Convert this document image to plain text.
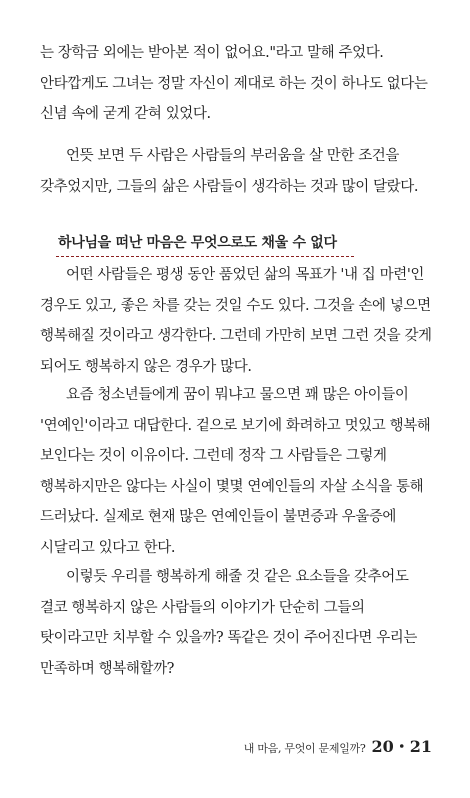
는 장학금 외에는 받아본 적이 없어요."라고 말해 주었다. 안타깝게도 그녀는 정말 자신이 제대로 하는 것이 하나도 없다는 신념 속에 굳게 갇혀 있었다.

언뜻 보면 두 사람은 사람들의 부러움을 살 만한 조건을 갖추었지만, 그들의 삶은 사람들이 생각하는 것과 많이 달랐다.

하나님을 떠난 마음은 무엇으로도 채울 수 없다

어떤 사람들은 평생 동안 품었던 삶의 목표가 '내 집 마련'인 경우도 있고, 좋은 차를 갖는 것일 수도 있다. 그것을 손에 넣으면 행복해질 것이라고 생각한다. 그런데 가만히 보면 그런 것을 갖게 되어도 행복하지 않은 경우가 많다.

요즘 청소년들에게 꿈이 뭐냐고 물으면 꽤 많은 아이들이 '연예인'이라고 대답한다. 겉으로 보기에 화려하고 멋있고 행복해 보인다는 것이 이유이다. 그런데 정작 그 사람들은 그렇게 행복하지만은 않다는 사실이 몇몇 연예인들의 자살 소식을 통해 드러났다. 실제로 현재 많은 연예인들이 불면증과 우울증에 시달리고 있다고 한다.

이렇듯 우리를 행복하게 해줄 것 같은 요소들을 갖추어도 결코 행복하지 않은 사람들의 이야기가 단순히 그들의 탓이라고만 치부할 수 있을까? 똑같은 것이 주어진다면 우리는 만족하며 행복해할까?

내 마음, 무엇이 문제일까? 20・21
